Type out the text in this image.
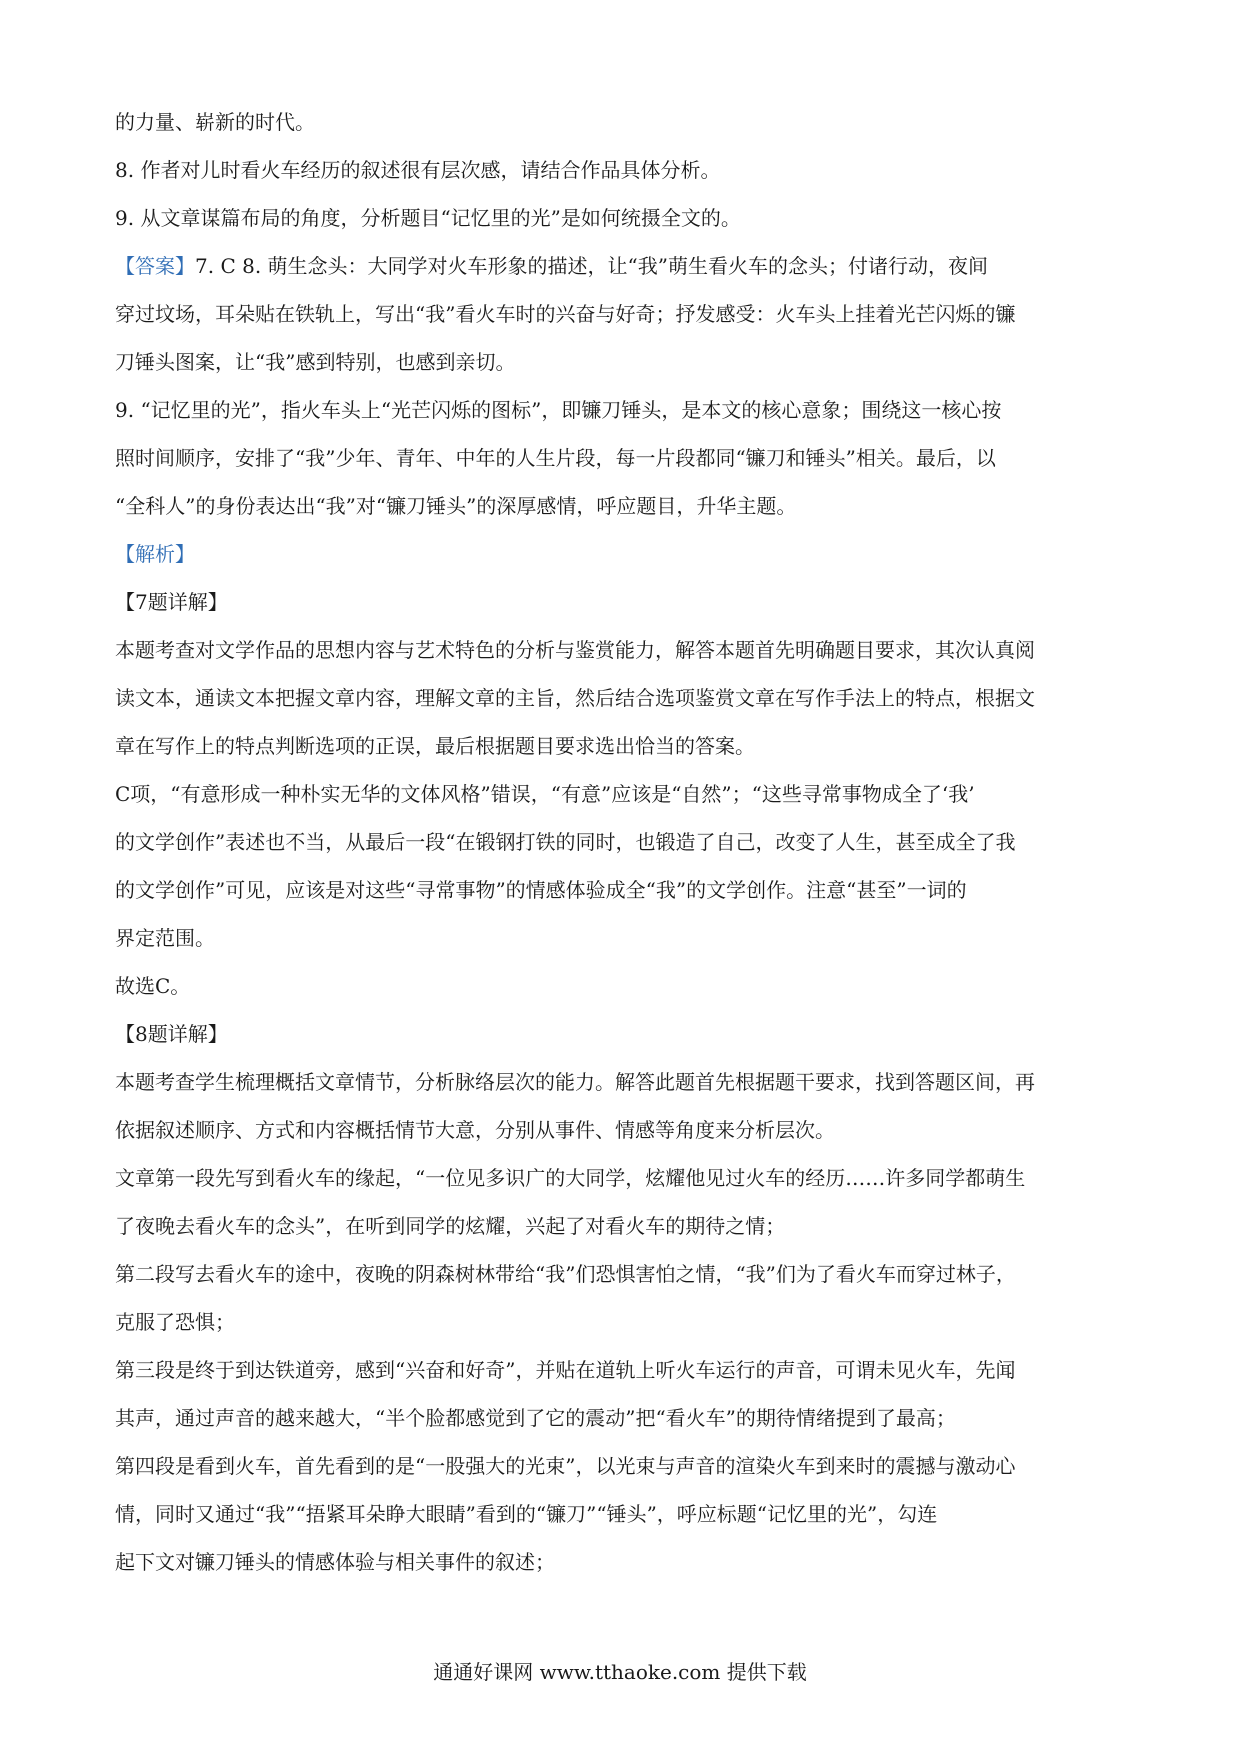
的力量、崭新的时代。

8. 作者对儿时看火车经历的叙述很有层次感，请结合作品具体分析。

9. 从文章谋篇布局的角度，分析题目“记忆里的光”是如何统摄全文的。

【答案】7. C 8. 萌生念头：大同学对火车形象的描述，让“我”萌生看火车的念头；付诸行动，夜间

穿过坟场，耳朵贴在铁轨上，写出“我”看火车时的兴奋与好奇；抒发感受：火车头上挂着光芒闪烁的镰

刀锤头图案，让“我”感到特别，也感到亲切。

9. “记忆里的光”，指火车头上“光芒闪烁的图标”，即镰刀锤头，是本文的核心意象；围绕这一核心按

照时间顺序，安排了“我”少年、青年、中年的人生片段，每一片段都同“镰刀和锤头”相关。最后，以

“全科人”的身份表达出“我”对“镰刀锤头”的深厚感情，呼应题目，升华主题。

【解析】

【7题详解】

本题考查对文学作品的思想内容与艺术特色的分析与鉴赏能力，解答本题首先明确题目要求，其次认真阅

读文本，通读文本把握文章内容，理解文章的主旨，然后结合选项鉴赏文章在写作手法上的特点，根据文

章在写作上的特点判断选项的正误，最后根据题目要求选出恰当的答案。

C项，“有意形成一种朴实无华的文体风格”错误，“有意”应该是“自然”；“这些寻常事物成全了‘我’

的文学创作”表述也不当，从最后一段“在锻钢打铁的同时，也锻造了自己，改变了人生，甚至成全了我

的文学创作”可见，应该是对这些“寻常事物”的情感体验成全“我”的文学创作。注意“甚至”一词的

界定范围。

故选C。

【8题详解】

本题考查学生梳理概括文章情节，分析脉络层次的能力。解答此题首先根据题干要求，找到答题区间，再

依据叙述顺序、方式和内容概括情节大意，分别从事件、情感等角度来分析层次。

文章第一段先写到看火车的缘起，“一位见多识广的大同学，炫耀他见过火车的经历……许多同学都萌生

了夜晚去看火车的念头”，在听到同学的炫耀，兴起了对看火车的期待之情；

第二段写去看火车的途中，夜晚的阴森树林带给“我”们恐惧害怕之情，“我”们为了看火车而穿过林子，

克服了恐惧；

第三段是终于到达铁道旁，感到“兴奋和好奇”，并贴在道轨上听火车运行的声音，可谓未见火车，先闻

其声，通过声音的越来越大，“半个脸都感觉到了它的震动”把“看火车”的期待情绪提到了最高；

第四段是看到火车，首先看到的是“一股强大的光束”，以光束与声音的渲染火车到来时的震撼与激动心

情，同时又通过“我”“捂紧耳朵睁大眼睛”看到的“镰刀”“锤头”，呼应标题“记忆里的光”，勾连

起下文对镰刀锤头的情感体验与相关事件的叙述；

通通好课网 www.tthaoke.com 提供下载
